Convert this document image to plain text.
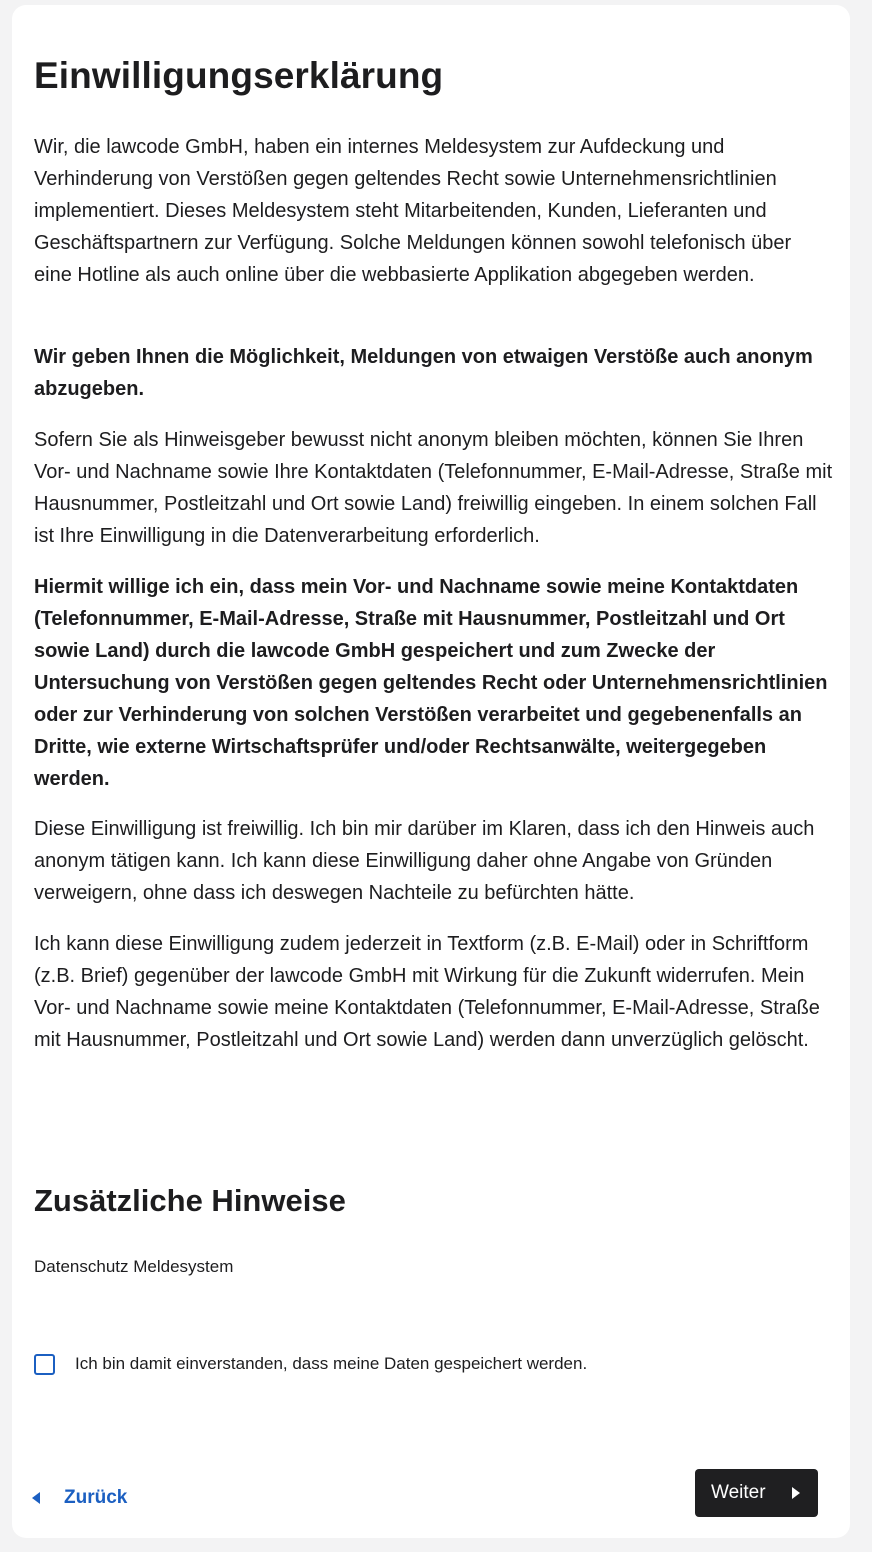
Einwilligungserklärung

Wir, die lawcode GmbH, haben ein internes Meldesystem zur Aufdeckung und Verhinderung von Verstößen gegen geltendes Recht sowie Unternehmensrichtlinien implementiert. Dieses Meldesystem steht Mitarbeitenden, Kunden, Lieferanten und Geschäftspartnern zur Verfügung. Solche Meldungen können sowohl telefonisch über eine Hotline als auch online über die webbasierte Applikation abgegeben werden.

Wir geben Ihnen die Möglichkeit, Meldungen von etwaigen Verstöße auch anonym abzugeben.

Sofern Sie als Hinweisgeber bewusst nicht anonym bleiben möchten, können Sie Ihren Vor- und Nachname sowie Ihre Kontaktdaten (Telefonnummer, E-Mail-Adresse, Straße mit Hausnummer, Postleitzahl und Ort sowie Land) freiwillig eingeben. In einem solchen Fall ist Ihre Einwilligung in die Datenverarbeitung erforderlich.

Hiermit willige ich ein, dass mein Vor- und Nachname sowie meine Kontaktdaten (Telefonnummer, E-Mail-Adresse, Straße mit Hausnummer, Postleitzahl und Ort sowie Land) durch die lawcode GmbH gespeichert und zum Zwecke der Untersuchung von Verstößen gegen geltendes Recht oder Unternehmensrichtlinien oder zur Verhinderung von solchen Verstößen verarbeitet und gegebenenfalls an Dritte, wie externe Wirtschaftsprüfer und/oder Rechtsanwälte, weitergegeben werden.

Diese Einwilligung ist freiwillig. Ich bin mir darüber im Klaren, dass ich den Hinweis auch anonym tätigen kann. Ich kann diese Einwilligung daher ohne Angabe von Gründen verweigern, ohne dass ich deswegen Nachteile zu befürchten hätte.

Ich kann diese Einwilligung zudem jederzeit in Textform (z.B. E-Mail) oder in Schriftform (z.B. Brief) gegenüber der lawcode GmbH mit Wirkung für die Zukunft widerrufen. Mein Vor- und Nachname sowie meine Kontaktdaten (Telefonnummer, E-Mail-Adresse, Straße mit Hausnummer, Postleitzahl und Ort sowie Land) werden dann unverzüglich gelöscht.

Zusätzliche Hinweise
Datenschutz Meldesystem
Ich bin damit einverstanden, dass meine Daten gespeichert werden.
Zurück	Weiter
